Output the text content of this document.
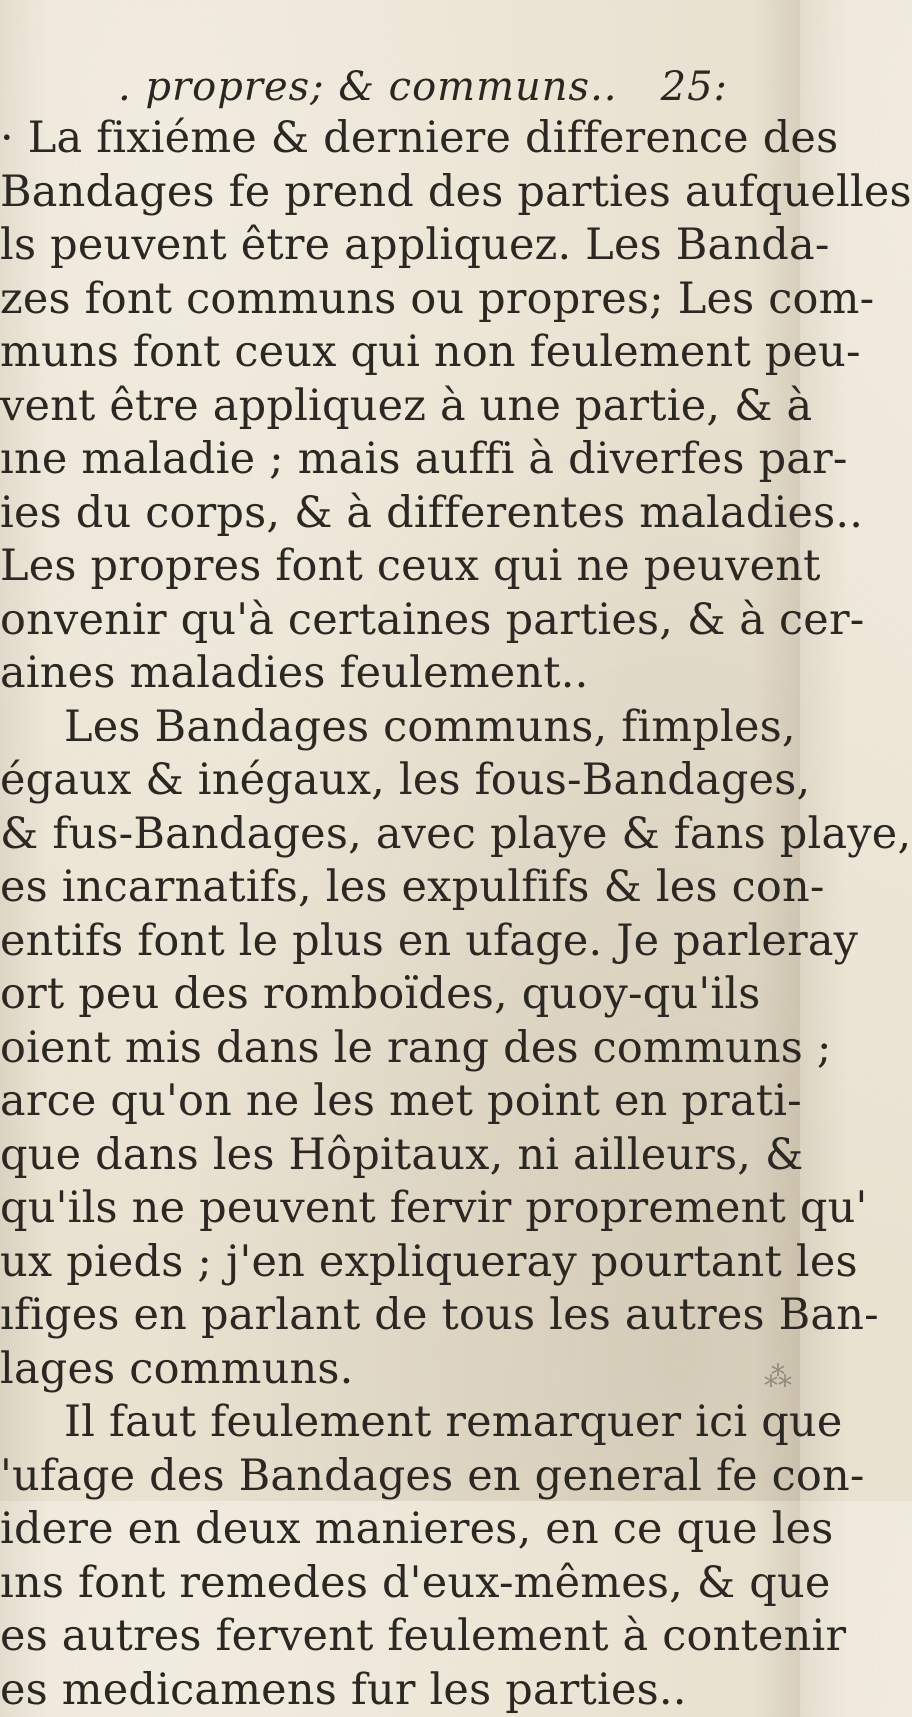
. propres; & communs.. 25:
· La fixiéme & derniere difference des
Bandages fe prend des parties aufquelles
ls peuvent être appliquez. Les Banda-
zes font communs ou propres; Les com-
muns font ceux qui non feulement peu-
vent être appliquez à une partie, & à
ıne maladie ; mais auffi à diverfes par-
ies du corps, & à differentes maladies..
Les propres font ceux qui ne peuvent
onvenir qu'à certaines parties, & à cer-
aines maladies feulement..
Les Bandages communs, fimples,
égaux & inégaux, les fous-Bandages,
& fus-Bandages, avec playe & fans playe,
es incarnatifs, les expulfifs & les con-
entifs font le plus en ufage. Je parleray
ort peu des romboïdes, quoy-qu'ils
oient mis dans le rang des communs ;
arce qu'on ne les met point en prati-
que dans les Hôpitaux, ni ailleurs, &
qu'ils ne peuvent fervir proprement qu'
ux pieds ; j'en expliqueray pourtant les
ıfiges en parlant de tous les autres Ban-
lages communs.
Il faut feulement remarquer ici que
'ufage des Bandages en general fe con-
idere en deux manieres, en ce que les
ıns font remedes d'eux-mêmes, & que
es autres fervent feulement à contenir
es medicamens fur les parties..
⁂
